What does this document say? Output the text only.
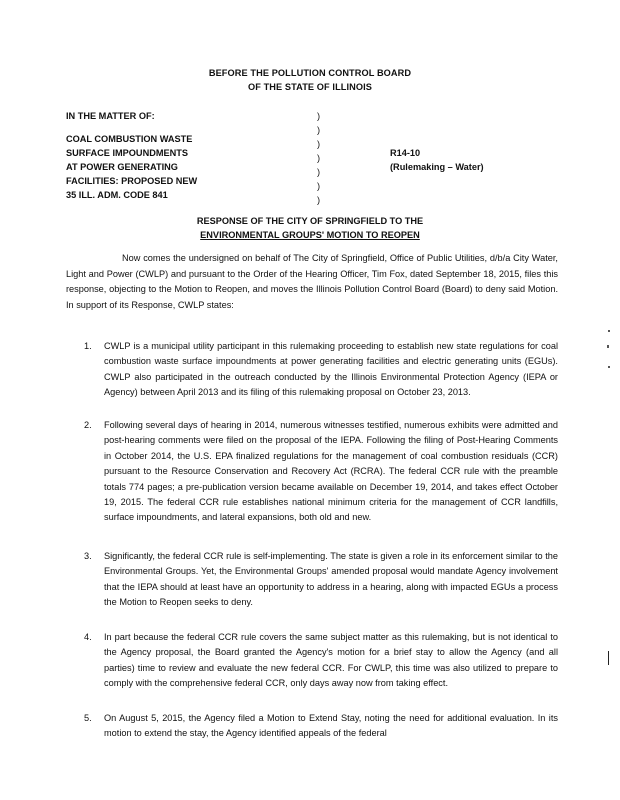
BEFORE THE POLLUTION CONTROL BOARD
OF THE STATE OF ILLINOIS
IN THE MATTER OF:
COAL COMBUSTION WASTE
SURFACE IMPOUNDMENTS
AT POWER GENERATING
FACILITIES: PROPOSED NEW
35 ILL. ADM. CODE 841
)
)
)
)
)
)
)
R14-10
(Rulemaking – Water)
RESPONSE OF THE CITY OF SPRINGFIELD TO THE
ENVIRONMENTAL GROUPS' MOTION TO REOPEN

Now comes the undersigned on behalf of The City of Springfield, Office of Public Utilities, d/b/a City Water, Light and Power (CWLP) and pursuant to the Order of the Hearing Officer, Tim Fox, dated September 18, 2015, files this response, objecting to the Motion to Reopen, and moves the Illinois Pollution Control Board (Board) to deny said Motion. In support of its Response, CWLP states:

1. CWLP is a municipal utility participant in this rulemaking proceeding to establish new state regulations for coal combustion waste surface impoundments at power generating facilities and electric generating units (EGUs). CWLP also participated in the outreach conducted by the Illinois Environmental Protection Agency (IEPA or Agency) between April 2013 and its filing of this rulemaking proposal on October 23, 2013.

2. Following several days of hearing in 2014, numerous witnesses testified, numerous exhibits were admitted and post-hearing comments were filed on the proposal of the IEPA. Following the filing of Post-Hearing Comments in October 2014, the U.S. EPA finalized regulations for the management of coal combustion residuals (CCR) pursuant to the Resource Conservation and Recovery Act (RCRA). The federal CCR rule with the preamble totals 774 pages; a pre-publication version became available on December 19, 2014, and takes effect October 19, 2015. The federal CCR rule establishes national minimum criteria for the management of CCR landfills, surface impoundments, and lateral expansions, both old and new.

3. Significantly, the federal CCR rule is self-implementing. The state is given a role in its enforcement similar to the Environmental Groups. Yet, the Environmental Groups' amended proposal would mandate Agency involvement that the IEPA should at least have an opportunity to address in a hearing, along with impacted EGUs a process the Motion to Reopen seeks to deny.

4. In part because the federal CCR rule covers the same subject matter as this rulemaking, but is not identical to the Agency proposal, the Board granted the Agency's motion for a brief stay to allow the Agency (and all parties) time to review and evaluate the new federal CCR. For CWLP, this time was also utilized to prepare to comply with the comprehensive federal CCR, only days away now from taking effect.

5. On August 5, 2015, the Agency filed a Motion to Extend Stay, noting the need for additional evaluation. In its motion to extend the stay, the Agency identified appeals of the federal
